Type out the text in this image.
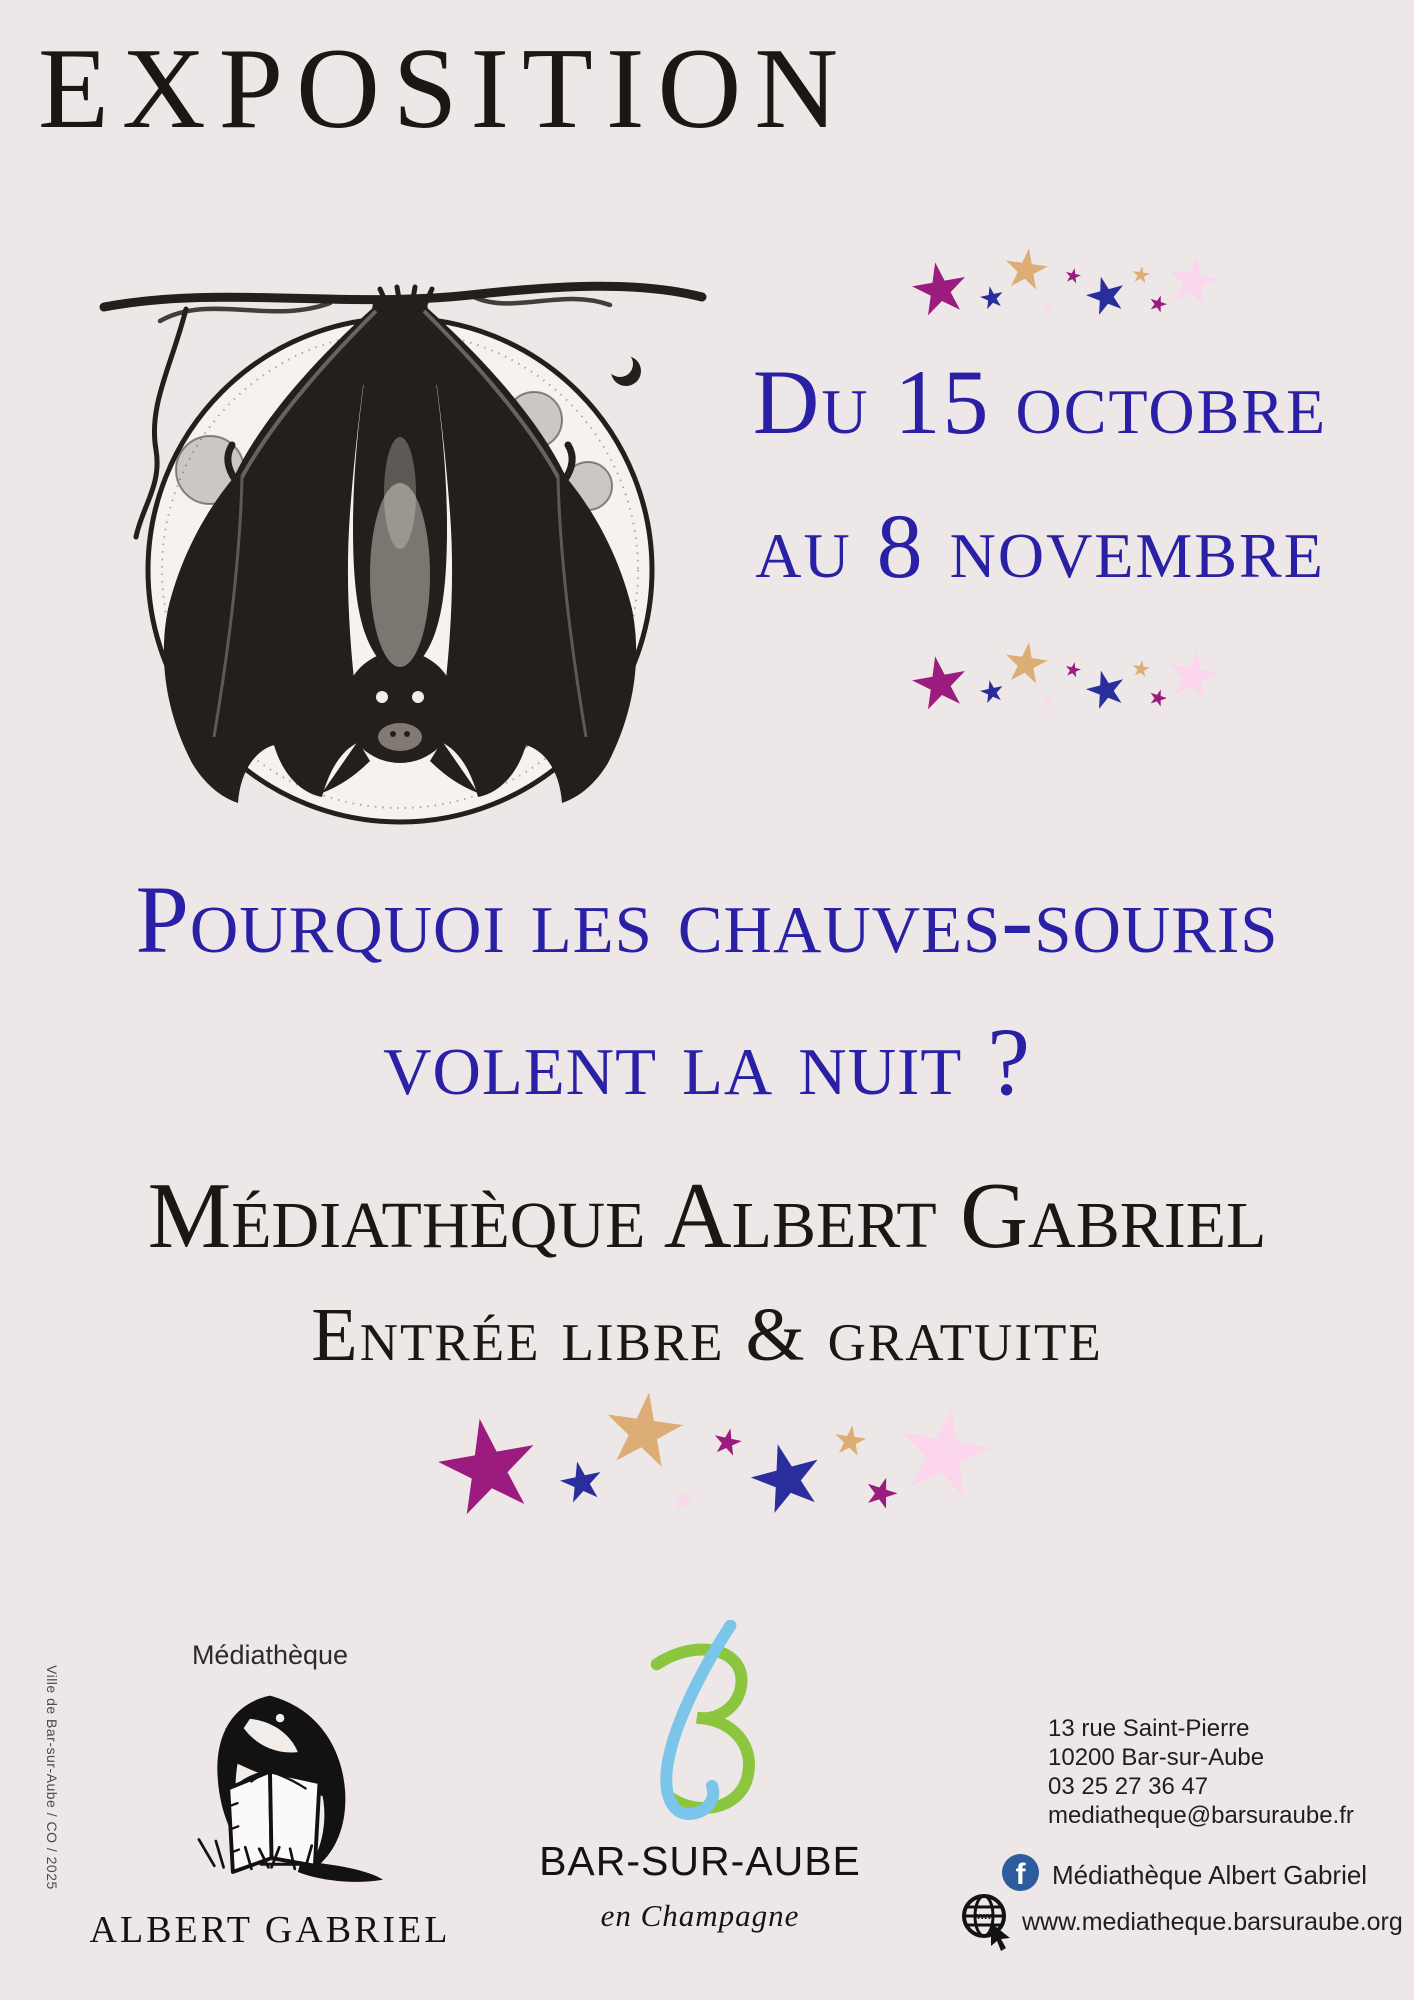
EXPOSITION
Du 15 octobre
au 8 novembre
Pourquoi les chauves-souris
volent la nuit ?
Médiathèque Albert Gabriel
Entrée libre & gratuite
Ville de Bar-sur-Aube / CO / 2025
Médiathèque
ALBERT GABRIEL
BAR-SUR-AUBE
en Champagne
13 rue Saint-Pierre
10200 Bar-sur-Aube
03 25 27 36 47
mediatheque@barsuraube.fr
f	Médiathèque Albert Gabriel
www www.mediatheque.barsuraube.org
